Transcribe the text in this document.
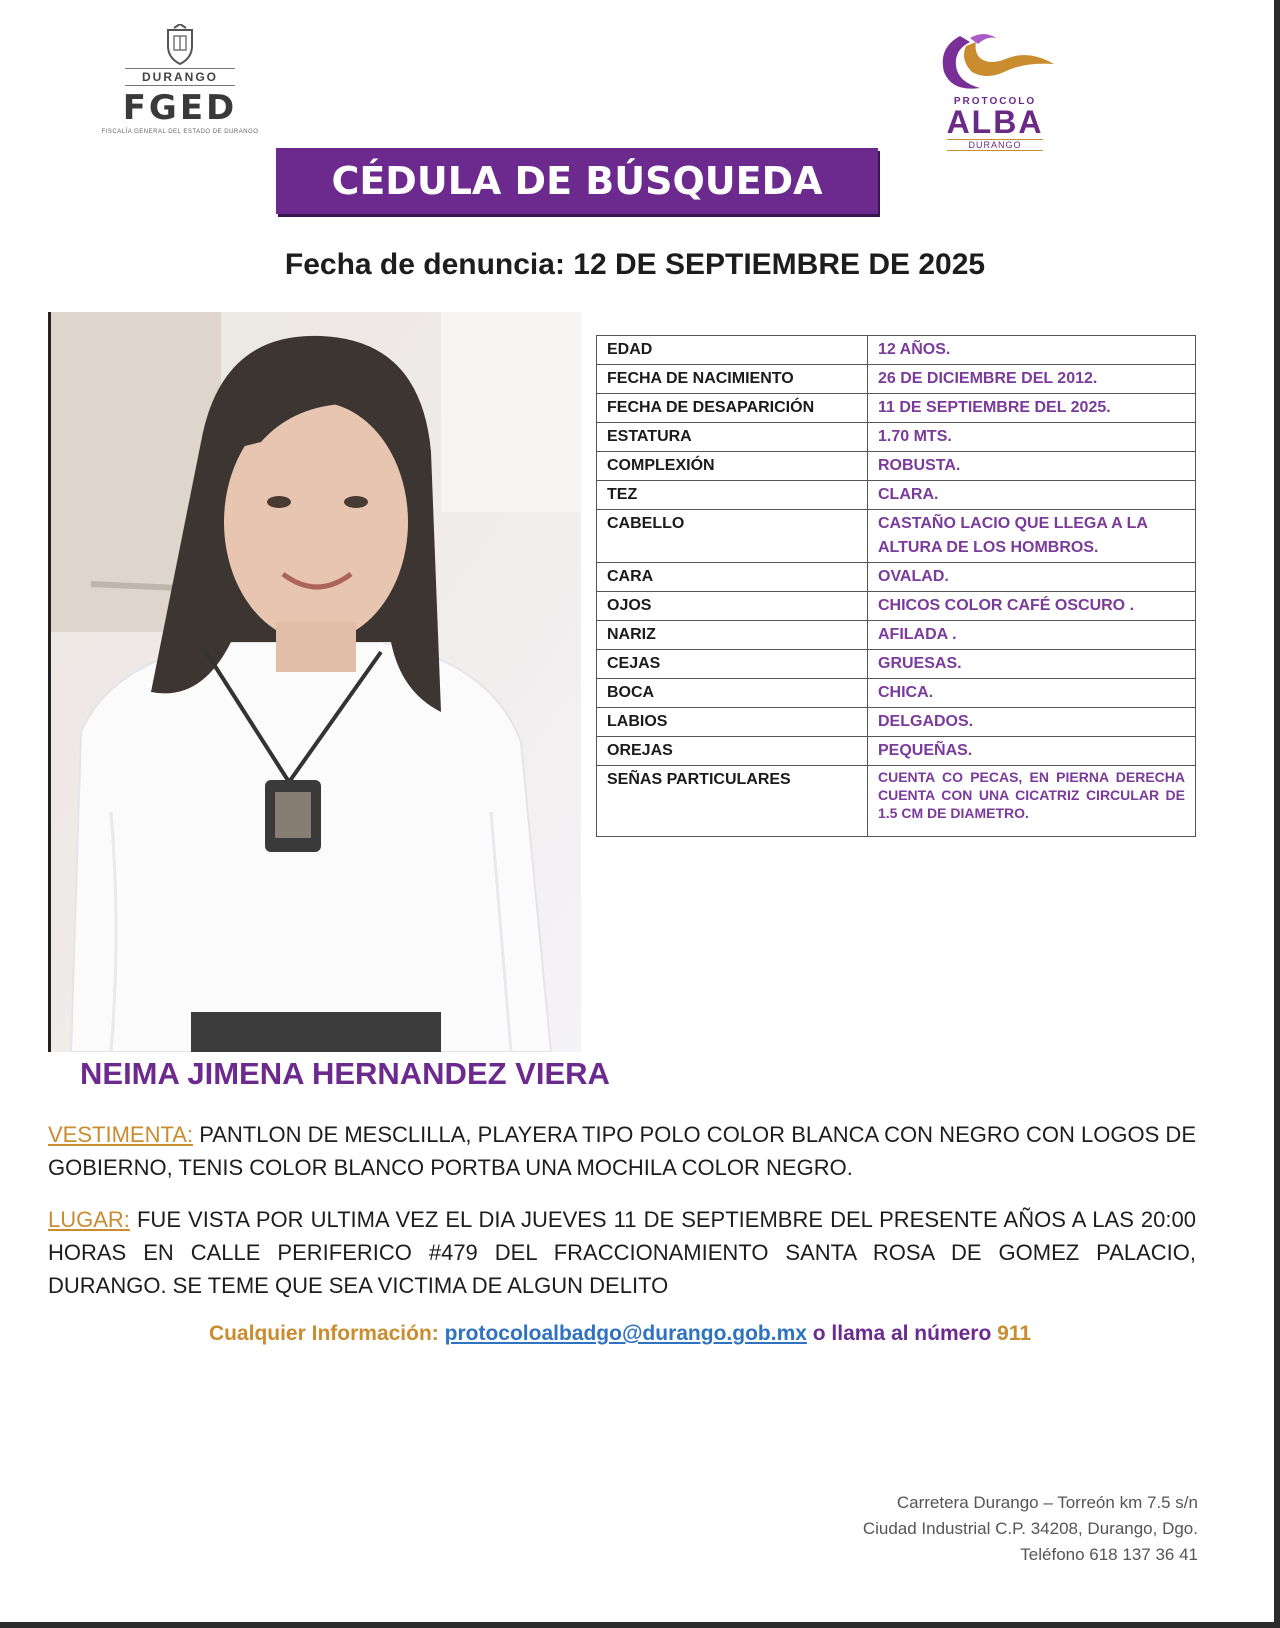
DURANGO
FGED
FISCALÍA GENERAL DEL ESTADO DE DURANGO
PROTOCOLO
ALBA
DURANGO
CÉDULA DE BÚSQUEDA
Fecha de denuncia: 12 DE SEPTIEMBRE DE 2025
EDAD	12 AÑOS.
FECHA DE NACIMIENTO	26 DE DICIEMBRE DEL 2012.
FECHA DE DESAPARICIÓN	11 DE SEPTIEMBRE DEL 2025.
ESTATURA	1.70 MTS.
COMPLEXIÓN	ROBUSTA.
TEZ	CLARA.
CABELLO	CASTAÑO LACIO QUE LLEGA A LA ALTURA DE LOS HOMBROS.
CARA	OVALAD.
OJOS	CHICOS COLOR CAFÉ OSCURO .
NARIZ	AFILADA .
CEJAS	GRUESAS.
BOCA	CHICA.
LABIOS	DELGADOS.
OREJAS	PEQUEÑAS.
SEÑAS PARTICULARES	CUENTA CO PECAS, EN PIERNA DERECHA CUENTA CON UNA CICATRIZ CIRCULAR DE 1.5 CM DE DIAMETRO.
NEIMA JIMENA HERNANDEZ VIERA
VESTIMENTA: PANTLON DE MESCLILLA, PLAYERA TIPO POLO COLOR BLANCA CON NEGRO CON LOGOS DE GOBIERNO, TENIS COLOR BLANCO PORTBA UNA MOCHILA COLOR NEGRO.
LUGAR: FUE VISTA POR ULTIMA VEZ EL DIA JUEVES 11 DE SEPTIEMBRE DEL PRESENTE AÑOS A LAS 20:00 HORAS EN CALLE PERIFERICO #479 DEL FRACCIONAMIENTO SANTA ROSA DE GOMEZ PALACIO, DURANGO. SE TEME QUE SEA VICTIMA DE ALGUN DELITO
Cualquier Información: protocoloalbadgo@durango.gob.mx o llama al número 911
Carretera Durango – Torreón km 7.5 s/n
Ciudad Industrial C.P. 34208, Durango, Dgo.
Teléfono 618 137 36 41
